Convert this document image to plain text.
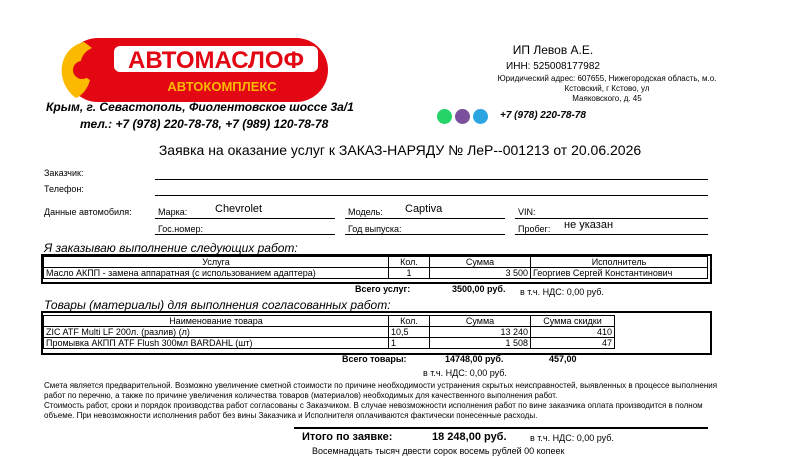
АВТОМАСЛОФ
АВТОКОМПЛЕКС
Крым, г. Севастополь, Фиолентовское шоссе 3а/1
тел.: +7 (978) 220-78-78, +7 (989) 120-78-78
ИП Левов А.Е.
ИНН: 525008177982
Юридический адрес: 607655, Нижегородская область, м.о. Кстовский, г Кстово, ул
Маяковского, д. 45
+7 (978) 220-78-78
Заявка на оказание услуг к ЗАКАЗ-НАРЯДУ № ЛеР--001213 от 20.06.2026
Заказчик:
Телефон:
Данные автомобиля:	Марка:	Chevrolet	Модель: Captiva	VIN:
Гос.номер:	Год выпуска:	Пробег: не указан
Я заказываю выполнение следующих работ:
Услуга	Кол.	Сумма	Исполнитель
Масло АКПП - замена аппаратная (с использованием адаптера)	1	3 500	Георгиев Сергей Константинович
Всего услуг:	3500,00 руб. в т.ч. НДС: 0,00 руб.
Товары (материалы) для выполнения согласованных работ:
Наименование товара	Кол.	Сумма	Сумма скидки
ZIC ATF Multi LF 200л. (разлив) (л)	10,5	13 240	410
Промывка АКПП ATF Flush 300мл BARDAHL (шт)	1	1 508	47
Всего товары:	14748,00 руб.	457,00
в т.ч. НДС: 0,00 руб.
Смета является предварительной. Возможно увеличение сметной стоимости по причине необходимости устранения скрытых неисправностей, выявленных в процессе выполнения работ по перечню, а также по причине увеличения количества товаров (материалов) необходимых для качественного выполнения работ.
Стоимость работ, сроки и порядок производства работ согласованы с Заказчиком. В случае невозможности исполнения работ по вине заказчика оплата производится в полном объеме. При невозможности исполнения работ без вины Заказчика и Исполнителя оплачиваются фактически понесенные расходы.
Итого по заявке:	18 248,00 руб.	в т.ч. НДС: 0,00 руб.
Восемнадцать тысяч двести сорок восемь рублей 00 копеек
